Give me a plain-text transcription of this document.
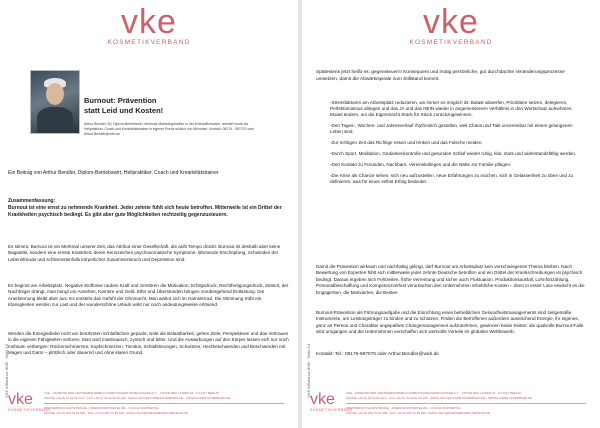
vke
KOSMETIKVERBAND
VKE inBalance 8/08 · Seite 13
Burnout: Prävention
statt Leid und Kosten!
Arthur Bendler, 50, Diplom-Betriebswirt, ehemals Marketingdirektor in der Duftstoffindustrie, arbeitet heute als Heilpraktiker, Coach und Kreativitätstrainer in eigener Praxis südlich von München. Kontakt: 08176 - 997079 oder Arthur.Bendler@web.de
Ein Beitrag von Arthur Bendler, Diplom-Betriebswirt, Heilpraktiker, Coach und Kreativitätstrainer
Zusammenfassung:
Burnout ist eine ernst zu nehmende Krankheit. Jeder zehnte fühlt sich heute betroffen. Mitterweile ist ein Drittel der Krankheiten psychisch bedingt. Es gibt aber gute Möglichkeiten rechtzeitig gegenzusteuern.
Es stimmt, Burnout ist ein Merkmal unserer Zeit, das Attribut einer Gesellschaft, die aufs Tempo drückt. Burnout ist deshalb aber keine Bagatelle, sondern eine ernste Krankheit, deren Kennzeichen psychosomatische Symptome, lähmende Erschöpfung, Schwinden der Lebensfreude und schlimmstenfalls körperlicher Zusammenbruch und Depression sind.
Es beginnt am Arbeitsplatz. Negative Einflüsse rauben Kraft und zerstören die Motivation: Erfolgsdruck, Rechtfertigungsdruck, Zeitnot, der Nachfolger drängt, man bangt um Ansehen, Karriere und Geld. Eifer und Überstunden bringen vorübergehend Entlastung. Die Anerkennung bleibt aber aus. Es entsteht das Gefühl der Ohnmacht. Man wähnt sich im Hamsterrad. Die Stimmung trübt ein. Klarsigkeiten werden zur Last und der wunderschöne Urlaub wirkt nur noch andeutungsweise erlösend.
Werden die Energiediebe nicht am berühmten Schlafittchen gepackt, sinkt die Belastbarkeit, gehen Ziele, Perspektiven und das Vertrauen in die eigenen Fähigkeiten verloren. Man wird misstrauisch, zynisch und bitter. Und die Auswirkungen auf den Körper lassen sich nur noch mühsam verbergen: Rückenschmerzen, Kopfschmerzen, Tinnitus, Schlafstörungen, Schwitzen, Herzbeschwerden und Beschwerden mit Magen und Darm – plötzlich oder dauernd und ohne klaren Grund.
vke
KOSMETIKVERBAND
VKE · VERBAND DER VERTRIEBSFIRMEN KOSMETISCHER ERZEUGNISSE E.V. · UNTER DEN LINDEN 42 · D-10117 BERLIN
PHONE +49 (0) 30 20 61 60-0 · FAX +49 (0) 30 20 61 60-220 · EMAIL INFO@KOSMETIKVERBAND.DE · WWW.KOSMETIKVERBAND.DE
PRESSEBÜRO HASTE BRÜHE · FRIEDRICHSTRASSE 261 · D-42111 WUPPERTAL
PHONE +49 (0) 202 70 50 628 · FAX +49 (0) 202 70 50 628 · EMAIL INFO@PRESSEBUERO-BRUEHE.DE
vke
KOSMETIKVERBAND
VKE inBalance 8/08 · Seite 14
Spätestens jetzt heißt es: gegensteuern! Konsequent und mutig persönliche, gut durchdachte Veränderungsprozesse umsetzen, damit die Abwärtsspirale zum Stillstand kommt.
-Stressfaktoren am Arbeitsplatz reduzieren, wo immer es möglich ist: Balast abwerfen, Prioritäten setzen, delegieren, Perfektionismus ablegen und das JA und das NEIN wieder in angemessenem Verhältnis in den Wortschatz aufnehmen. Etwas ändern, um die Eigenmacht Stück für Stück zurückzugewinnen.
-Den Tages-, Wochen- und Jahresverlauf rhythmisch gestalten, weil Chaos und Takt unvereinbar mit einem gelungenen Leben sind.
-Zur richtigen Zeit das Richtige essen und trinken und das Falsche meiden.
-Durch Sport, Meditation, Gedankenkontrolle und gesunden Schlaf wieder ruhig, klar, stark und widerstandsfähig werden.
-Den Kontakt zu Freunden, Nachbarn, Vereinskollegen und die Nähe zur Familie pflegen.
-Die Krise als Chance sehen, sich neu aufzustellen, neue Erfahrungen zu machen, sich in Gelassenheit zu üben und zu definieren, was für einen selbst Erfolg bedeutet.
Damit die Prävention wirksam und nachhaltig gelingt, darf Burnout am Arbeitsplatz kein verschwiegenes Thema bleiben. Nach Bewertung von Experten fühlt sich mittlerweile jeder zehnte Deutsche betroffen und ein Drittel der Krankschreibungen ist psychisch bedingt. Daraus ergeben sich Fehlzeiten, frühe Verrentung und sicher auch Fluktuation. Produktionsausfall, Lohnfortzahlung, Personalbeschaffung und Kompetenzverlust verursachen den Unternehmen erhebliche Kosten – denn in erster Linie erwischt es die Engagierten, die Motivierten, die Besten.
Burnout-Prävention als Führungsaufgabe und die Einrichtung eines betrieblichen Gesundheitsmanagements sind zeitgemäße Instrumente, um Leistungsträger zu binden und zu schützen. Finden die Betroffenen außerdem ausreichend Energie, ihr eigenes, ganz an Person und Charakter angepaßtes Changemanagement aufzunehmen, gewinnen beide Seiten: die qualvolle Burnout-Falle wird umgangen und die Unternehmen verschaffen sich wertvolle Vorteile im globalen Wettbewerb.
Kontakt: Tel.: 08176-997079 oder Arthur.Bendler@web.de
vke
KOSMETIKVERBAND
VKE · VERBAND DER VERTRIEBSFIRMEN KOSMETISCHER ERZEUGNISSE E.V. · UNTER DEN LINDEN 42 · D-10117 BERLIN
PHONE +49 (0) 30 20 61 60-0 · FAX +49 (0) 30 20 61 60-220 · EMAIL INFO@KOSMETIKVERBAND.DE · WWW.KOSMETIKVERBAND.DE
PRESSEBÜRO HASTE BRÜHE · FRIEDRICHSTRASSE 261 · D-42111 WUPPERTAL
PHONE +49 (0) 202 70 50 628 · FAX +49 (0) 202 70 50 628 · EMAIL INFO@PRESSEBUERO-BRUEHE.DE
